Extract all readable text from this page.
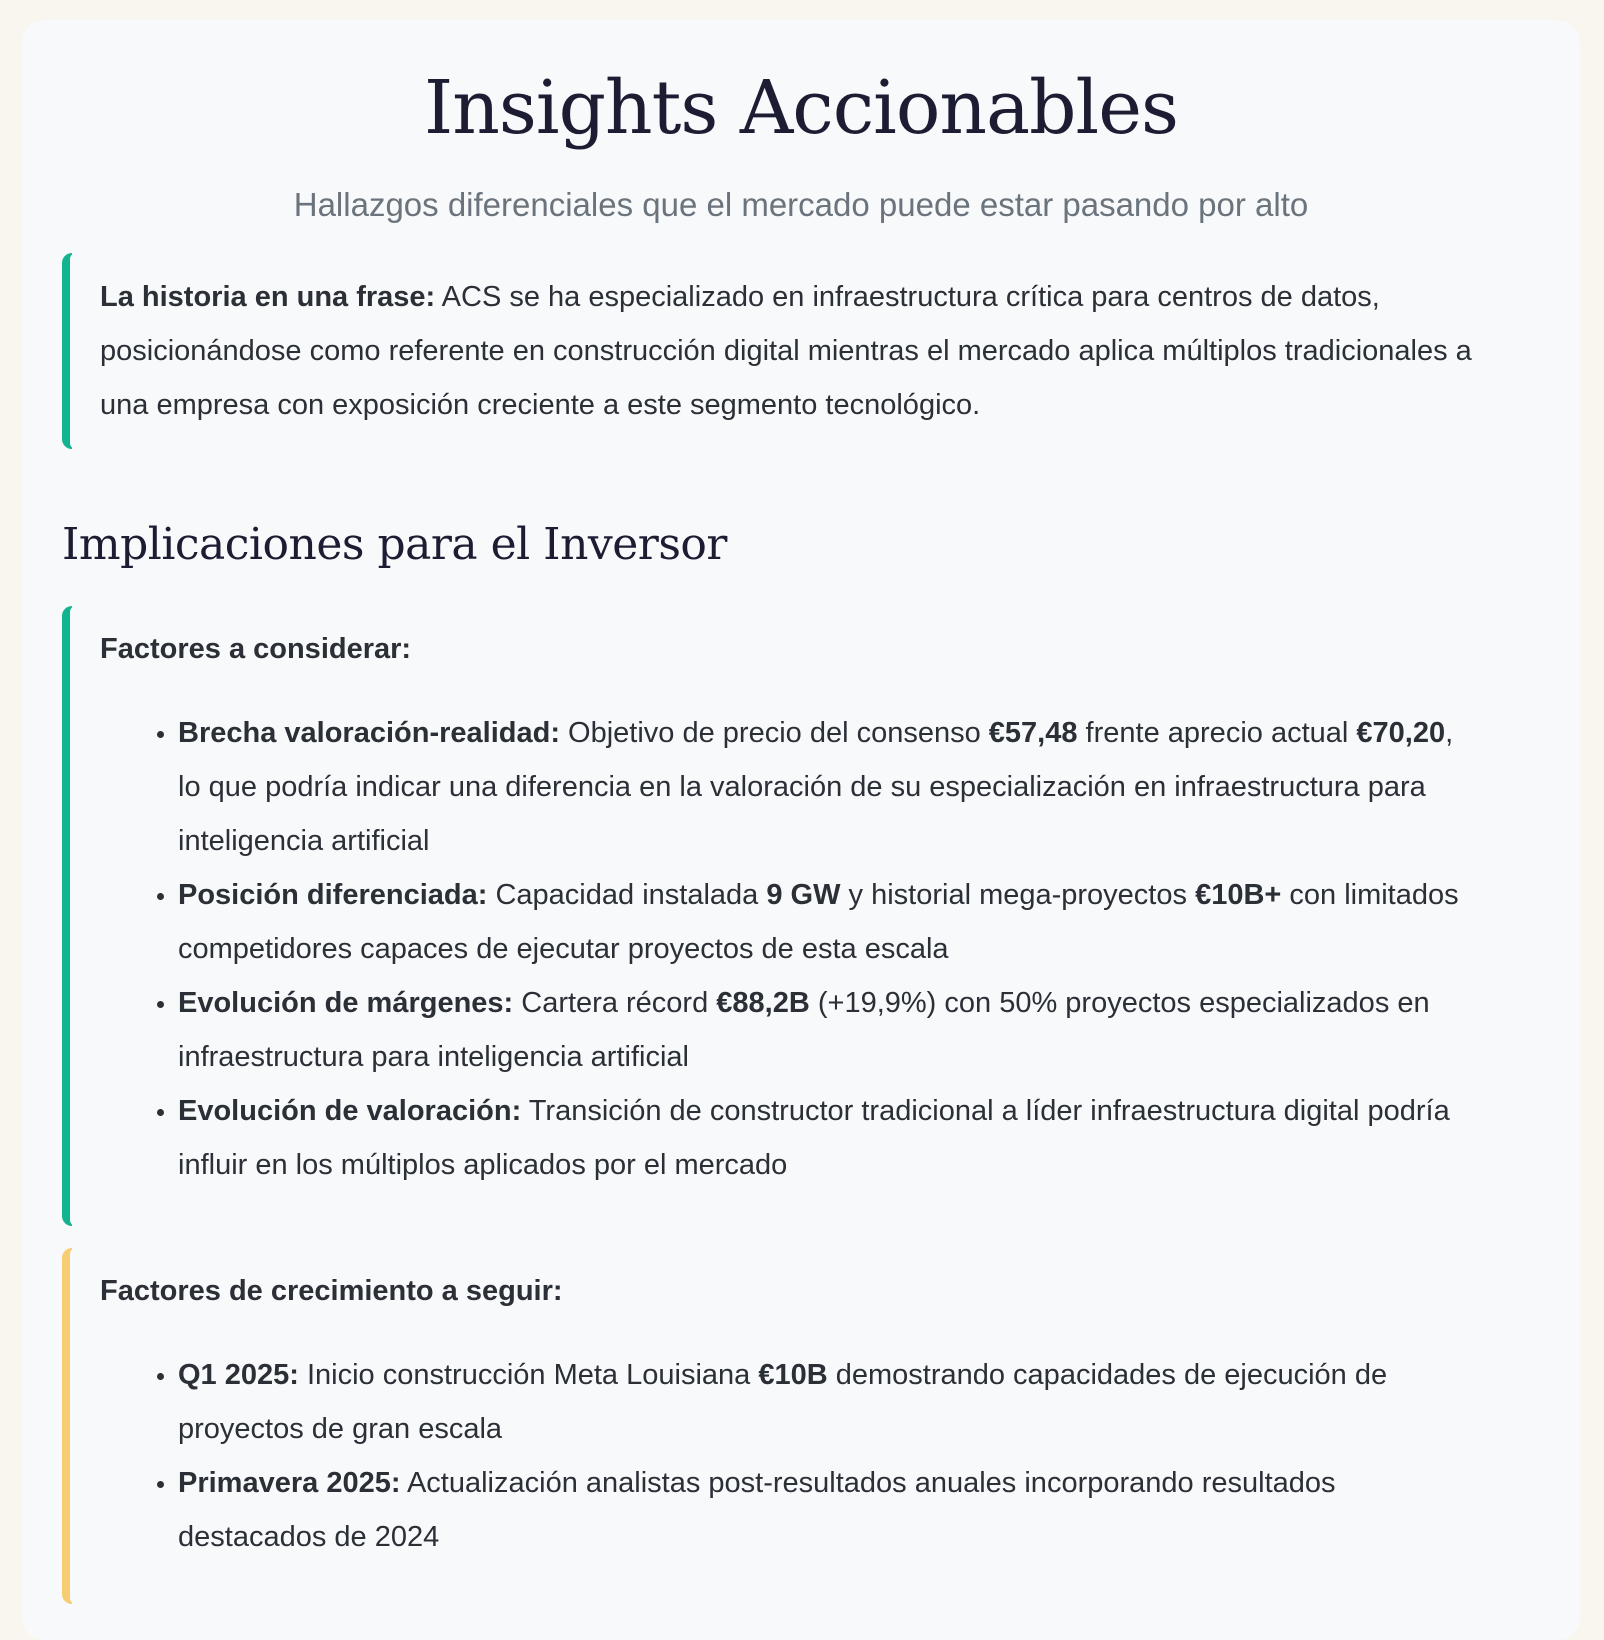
Insights Accionables

Hallazgos diferenciales que el mercado puede estar pasando por alto

La historia en una frase: ACS se ha especializado en infraestructura crítica para centros de datos, posicionándose como referente en construcción digital mientras el mercado aplica múltiplos tradicionales a una empresa con exposición creciente a este segmento tecnológico.

Implicaciones para el Inversor

Factores a considerar:

• Brecha valoración-realidad: Objetivo de precio del consenso €57,48 frente aprecio actual €70,20, lo que podría indicar una diferencia en la valoración de su especialización en infraestructura para inteligencia artificial
• Posición diferenciada: Capacidad instalada 9 GW y historial mega-proyectos €10B+ con limitados competidores capaces de ejecutar proyectos de esta escala
• Evolución de márgenes: Cartera récord €88,2B (+19,9%) con 50% proyectos especializados en infraestructura para inteligencia artificial
• Evolución de valoración: Transición de constructor tradicional a líder infraestructura digital podría influir en los múltiplos aplicados por el mercado

Factores de crecimiento a seguir:

• Q1 2025: Inicio construcción Meta Louisiana €10B demostrando capacidades de ejecución de proyectos de gran escala
• Primavera 2025: Actualización analistas post-resultados anuales incorporando resultados destacados de 2024
